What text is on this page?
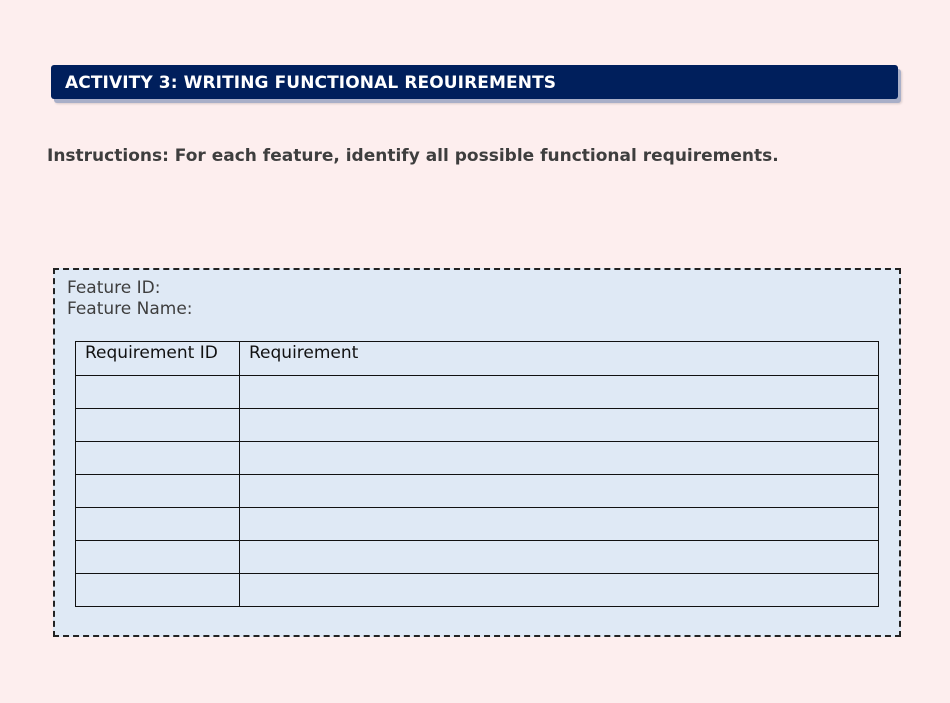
ACTIVITY 3: WRITING FUNCTIONAL REOUIREMENTS
Instructions: For each feature, identify all possible functional requirements.
Feature ID:
Feature Name:
Requirement ID	Requirement
